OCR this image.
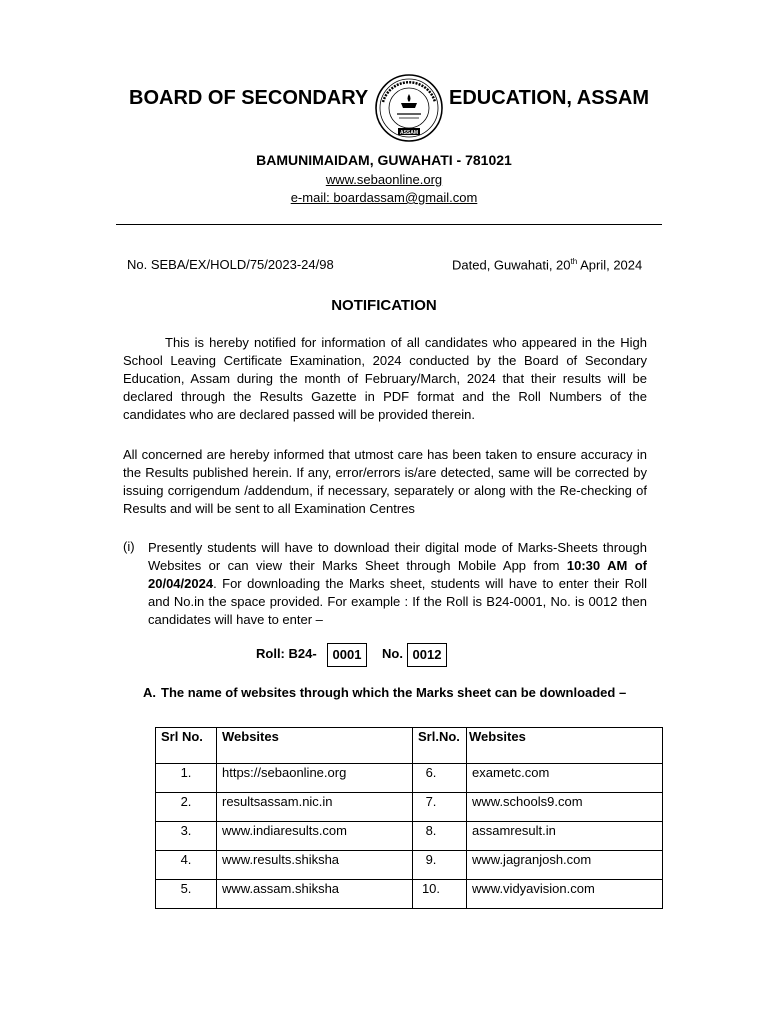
BOARD OF SECONDARY
ASSAM
EDUCATION, ASSAM
BAMUNIMAIDAM, GUWAHATI - 781021
www.sebaonline.org
e-mail: boardassam@gmail.com
No. SEBA/EX/HOLD/75/2023-24/98	Dated, Guwahati, 20th April, 2024
NOTIFICATION
This is hereby notified for information of all candidates who appeared in the High School Leaving Certificate Examination, 2024 conducted by the Board of Secondary Education, Assam during the month of February/March, 2024 that their results will be declared through the Results Gazette in PDF format and the Roll Numbers of the candidates who are declared passed will be provided therein.
All concerned are hereby informed that utmost care has been taken to ensure accuracy in the Results published herein. If any, error/errors is/are detected, same will be corrected by issuing corrigendum /addendum, if necessary, separately or along with the Re-checking of Results and will be sent to all Examination Centres
(i) Presently students will have to download their digital mode of Marks-Sheets through Websites or can view their Marks Sheet through Mobile App from 10:30 AM of 20/04/2024. For downloading the Marks sheet, students will have to enter their Roll and No.in the space provided. For example : If the Roll is B24-0001, No. is 0012 then candidates will have to enter –
Roll: B24-	0001	No. 0012
A. The name of websites through which the Marks sheet can be downloaded –
Srl No.	Websites	Srl.No.	Websites
1.	https://sebaonline.org	6.	exametc.com
2.	resultsassam.nic.in	7.	www.schools9.com
3.	www.indiaresults.com	8.	assamresult.in
4.	www.results.shiksha	9.	www.jagranjosh.com
5.	www.assam.shiksha	10.	www.vidyavision.com
